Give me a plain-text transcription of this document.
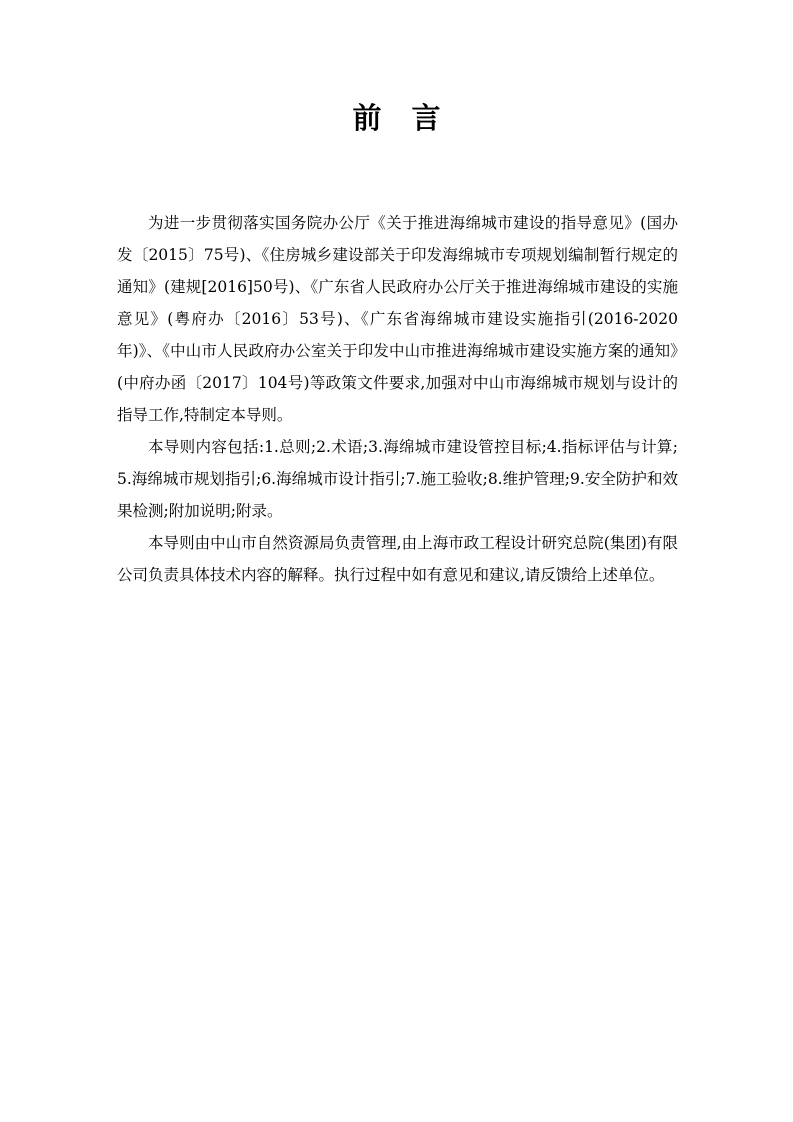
前 言

为进一步贯彻落实国务院办公厅《关于推进海绵城市建设的指导意见》(国办发〔2015〕75号)、《住房城乡建设部关于印发海绵城市专项规划编制暂行规定的通知》(建规[2016]50号)、《广东省人民政府办公厅关于推进海绵城市建设的实施意见》(粤府办〔2016〕53号)、《广东省海绵城市建设实施指引(2016-2020年)》、《中山市人民政府办公室关于印发中山市推进海绵城市建设实施方案的通知》(中府办函〔2017〕104号)等政策文件要求,加强对中山市海绵城市规划与设计的指导工作,特制定本导则。

本导则内容包括:1.总则;2.术语;3.海绵城市建设管控目标;4.指标评估与计算;5.海绵城市规划指引;6.海绵城市设计指引;7.施工验收;8.维护管理;9.安全防护和效果检测;附加说明;附录。

本导则由中山市自然资源局负责管理,由上海市政工程设计研究总院(集团)有限公司负责具体技术内容的解释。执行过程中如有意见和建议,请反馈给上述单位。
